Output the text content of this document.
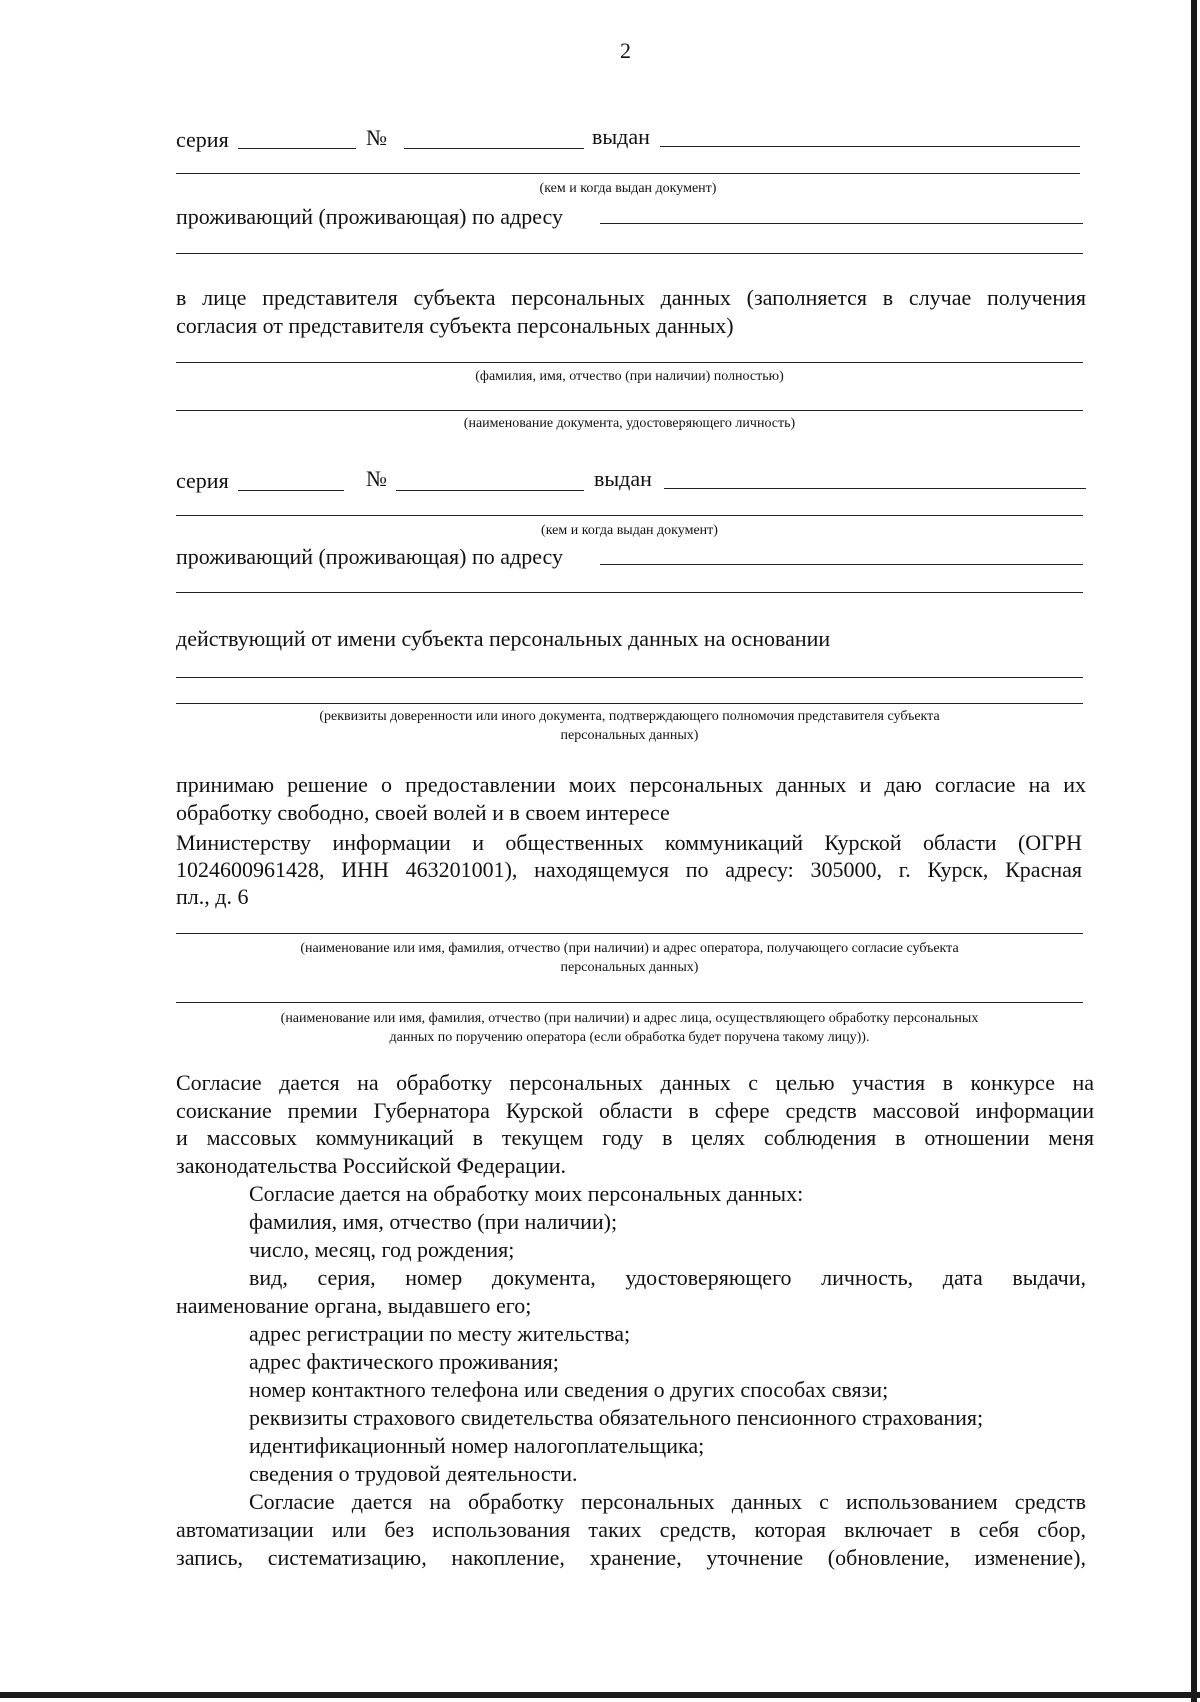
2
серия	№	выдан
(кем и когда выдан документ)
проживающий (проживающая) по адресу
в лице представителя субъекта персональных данных (заполняется в случае получения
согласия от представителя субъекта персональных данных)
(фамилия, имя, отчество (при наличии) полностью)
(наименование документа, удостоверяющего личность)
серия	№	выдан
(кем и когда выдан документ)
проживающий (проживающая) по адресу
действующий от имени субъекта персональных данных на основании
(реквизиты доверенности или иного документа, подтверждающего полномочия представителя субъекта
персональных данных)
принимаю решение о предоставлении моих персональных данных и даю согласие на их
обработку свободно, своей волей и в своем интересе
Министерству информации и общественных коммуникаций Курской области (ОГРН
1024600961428, ИНН 463201001), находящемуся по адресу: 305000, г. Курск, Красная
пл., д. 6
(наименование или имя, фамилия, отчество (при наличии) и адрес оператора, получающего согласие субъекта
персональных данных)
(наименование или имя, фамилия, отчество (при наличии) и адрес лица, осуществляющего обработку персональных
данных по поручению оператора (если обработка будет поручена такому лицу)).
Согласие дается на обработку персональных данных с целью участия в конкурсе на
соискание премии Губернатора Курской области в сфере средств массовой информации
и массовых коммуникаций в текущем году в целях соблюдения в отношении меня
законодательства Российской Федерации.
Согласие дается на обработку моих персональных данных:
фамилия, имя, отчество (при наличии);
число, месяц, год рождения;
вид, серия, номер документа, удостоверяющего личность, дата выдачи,
наименование органа, выдавшего его;
адрес регистрации по месту жительства;
адрес фактического проживания;
номер контактного телефона или сведения о других способах связи;
реквизиты страхового свидетельства обязательного пенсионного страхования;
идентификационный номер налогоплательщика;
сведения о трудовой деятельности.
Согласие дается на обработку персональных данных с использованием средств
автоматизации или без использования таких средств, которая включает в себя сбор,
запись, систематизацию, накопление, хранение, уточнение (обновление, изменение),
